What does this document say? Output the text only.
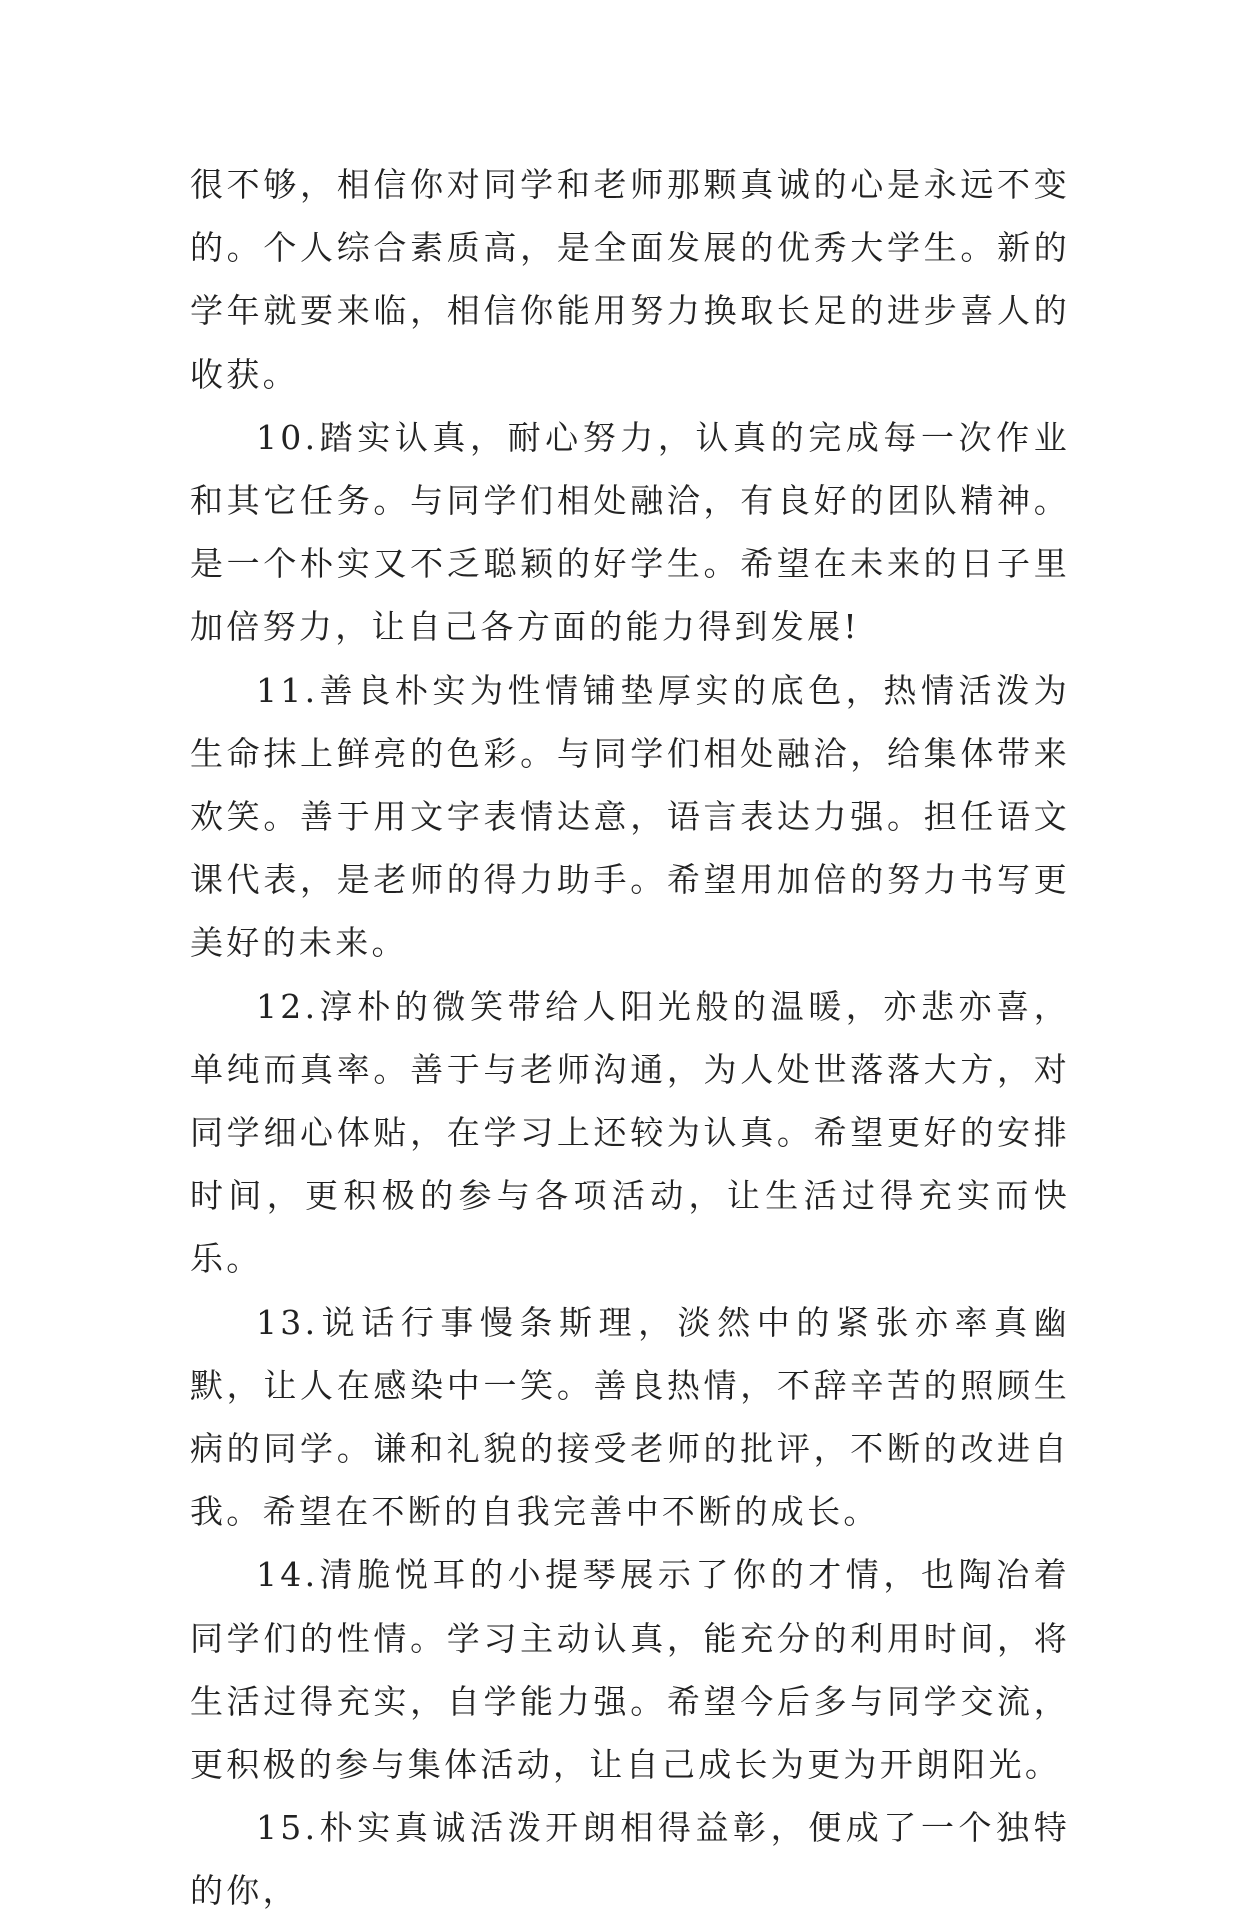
很不够，相信你对同学和老师那颗真诚的心是永远不变的。个人综合素质高，是全面发展的优秀大学生。新的学年就要来临，相信你能用努力换取长足的进步喜人的收获。

10.踏实认真，耐心努力，认真的完成每一次作业和其它任务。与同学们相处融洽，有良好的团队精神。是一个朴实又不乏聪颖的好学生。希望在未来的日子里加倍努力，让自己各方面的能力得到发展!

11.善良朴实为性情铺垫厚实的底色，热情活泼为生命抹上鲜亮的色彩。与同学们相处融洽，给集体带来欢笑。善于用文字表情达意，语言表达力强。担任语文课代表，是老师的得力助手。希望用加倍的努力书写更美好的未来。

12.淳朴的微笑带给人阳光般的温暖，亦悲亦喜，单纯而真率。善于与老师沟通，为人处世落落大方，对同学细心体贴，在学习上还较为认真。希望更好的安排时间，更积极的参与各项活动，让生活过得充实而快乐。

13.说话行事慢条斯理，淡然中的紧张亦率真幽默，让人在感染中一笑。善良热情，不辞辛苦的照顾生病的同学。谦和礼貌的接受老师的批评，不断的改进自我。希望在不断的自我完善中不断的成长。

14.清脆悦耳的小提琴展示了你的才情，也陶冶着同学们的性情。学习主动认真，能充分的利用时间，将生活过得充实，自学能力强。希望今后多与同学交流，更积极的参与集体活动，让自己成长为更为开朗阳光。

15.朴实真诚活泼开朗相得益彰，便成了一个独特的你，
